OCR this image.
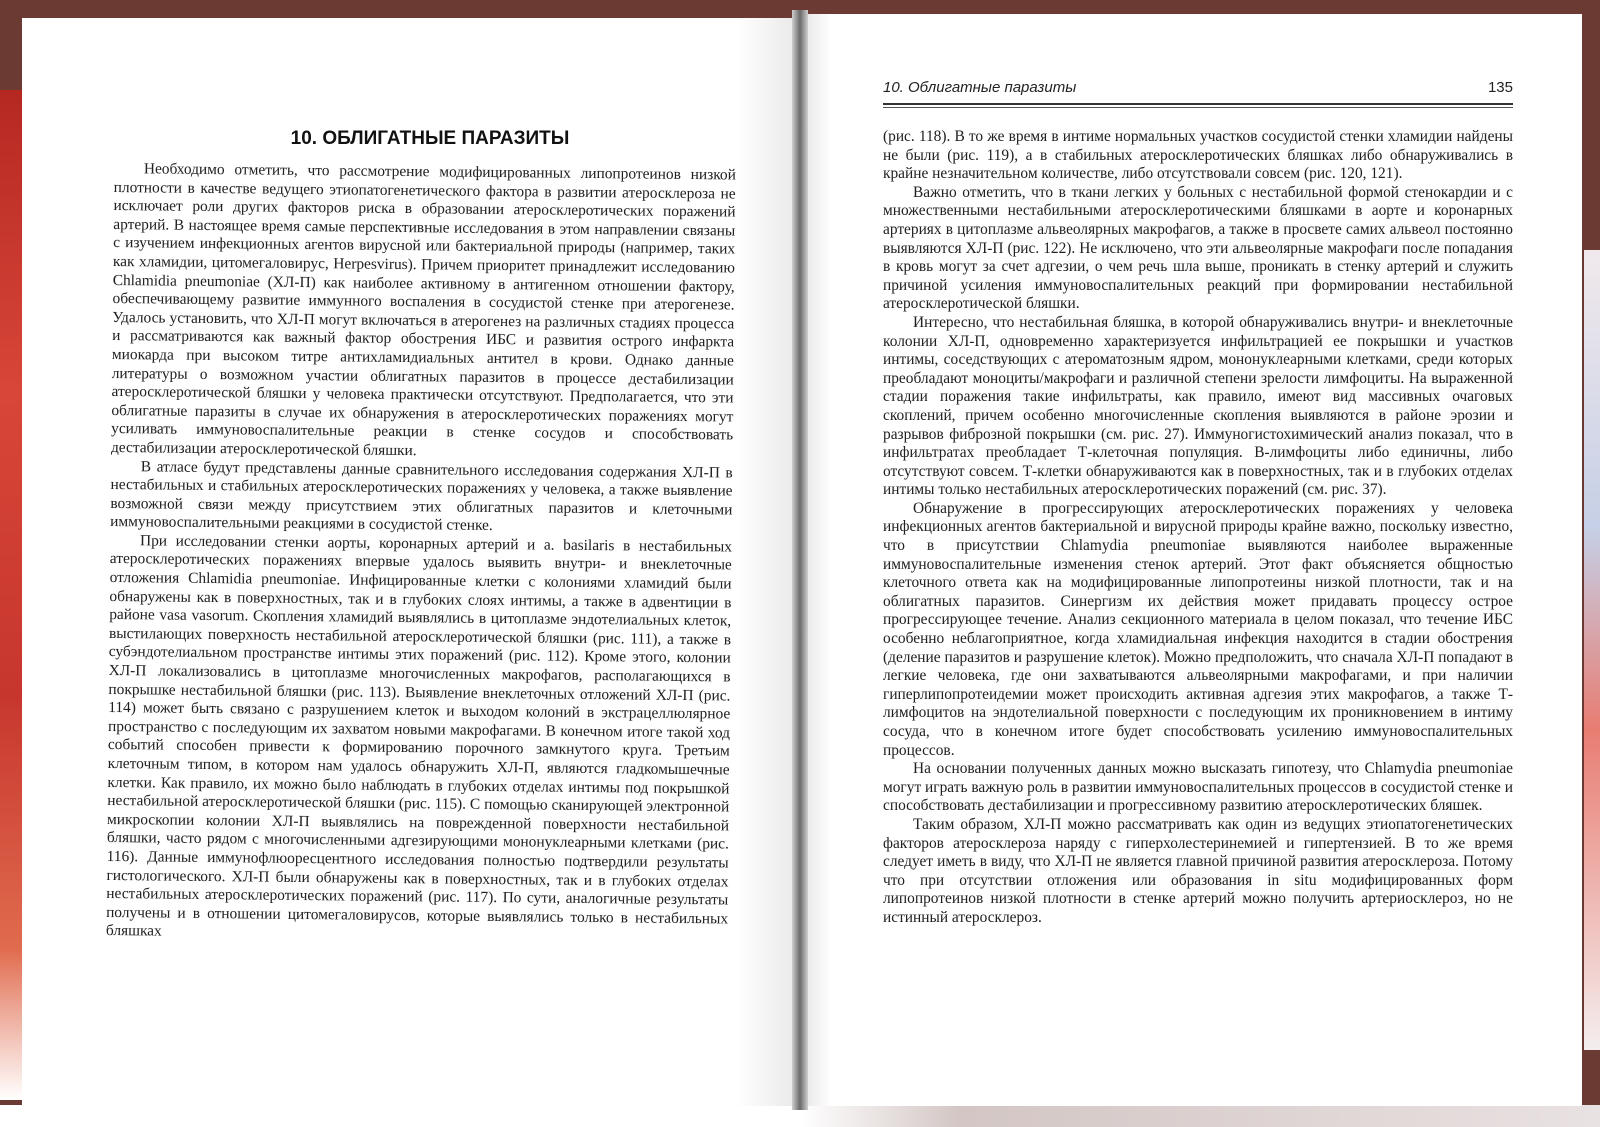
10. Облигатные паразиты	135
10. ОБЛИГАТНЫЕ ПАРАЗИТЫ

Необходимо отметить, что рассмотрение модифицированных липопротеинов низкой плотности в качестве ведущего этиопатогенетического фактора в развитии атеросклероза не исключает роли других факторов риска в образовании атеросклеротических поражений артерий. В настоящее время самые перспективные исследования в этом направлении связаны с изучением инфекционных агентов вирусной или бактериальной природы (например, таких как хламидии, цитомегаловирус, Herpesvirus). Причем приоритет принадлежит исследованию Chlamidia pneumoniae (ХЛ-П) как наиболее активному в антигенном отношении фактору, обеспечивающему развитие иммунного воспаления в сосудистой стенке при атерогенезе. Удалось установить, что ХЛ-П могут включаться в атерогенез на различных стадиях процесса и рассматриваются как важный фактор обострения ИБС и развития острого инфаркта миокарда при высоком титре антихламидиальных антител в крови. Однако данные литературы о возможном участии облигатных паразитов в процессе дестабилизации атеросклеротической бляшки у человека практически отсутствуют. Предполагается, что эти облигатные паразиты в случае их обнаружения в атеросклеротических поражениях могут усиливать иммуновоспалительные реакции в стенке сосудов и способствовать дестабилизации атеросклеротической бляшки.

В атласе будут представлены данные сравнительного исследования содержания ХЛ-П в нестабильных и стабильных атеросклеротических поражениях у человека, а также выявление возможной связи между присутствием этих облигатных паразитов и клеточными иммуновоспалительными реакциями в сосудистой стенке.

При исследовании стенки аорты, коронарных артерий и a. basilaris в нестабильных атеросклеротических поражениях впервые удалось выявить внутри- и внеклеточные отложения Chlamidia pneumoniae. Инфицированные клетки с колониями хламидий были обнаружены как в поверхностных, так и в глубоких слоях интимы, а также в адвентиции в районе vasa vasorum. Скопления хламидий выявлялись в цитоплазме эндотелиальных клеток, выстилающих поверхность нестабильной атеросклеротической бляшки (рис. 111), а также в субэндотелиальном пространстве интимы этих поражений (рис. 112). Кроме этого, колонии ХЛ-П локализовались в цитоплазме многочисленных макрофагов, располагающихся в покрышке нестабильной бляшки (рис. 113). Выявление внеклеточных отложений ХЛ-П (рис. 114) может быть связано с разрушением клеток и выходом колоний в экстрацеллюлярное пространство с последующим их захватом новыми макрофагами. В конечном итоге такой ход событий способен привести к формированию порочного замкнутого круга. Третьим клеточным типом, в котором нам удалось обнаружить ХЛ-П, являются гладкомышечные клетки. Как правило, их можно было наблюдать в глубоких отделах интимы под покрышкой нестабильной атеросклеротической бляшки (рис. 115). С помощью сканирующей электронной микроскопии колонии ХЛ-П выявлялись на поврежденной поверхности нестабильной бляшки, часто рядом с многочисленными адгезирующими мононуклеарными клетками (рис. 116). Данные иммунофлюоресцентного исследования полностью подтвердили результаты гистологического. ХЛ-П были обнаружены как в поверхностных, так и в глубоких отделах нестабильных атеросклеротических поражений (рис. 117). По сути, аналогичные результаты получены и в отношении цитомегаловирусов, которые выявлялись только в нестабильных бляшках

(рис. 118). В то же время в интиме нормальных участков сосудистой стенки хламидии найдены не были (рис. 119), а в стабильных атеросклеротических бляшках либо обнаруживались в крайне незначительном количестве, либо отсутствовали совсем (рис. 120, 121).

Важно отметить, что в ткани легких у больных с нестабильной формой стенокардии и с множественными нестабильными атеросклеротическими бляшками в аорте и коронарных артериях в цитоплазме альвеолярных макрофагов, а также в просвете самих альвеол постоянно выявляются ХЛ-П (рис. 122). Не исключено, что эти альвеолярные макрофаги после попадания в кровь могут за счет адгезии, о чем речь шла выше, проникать в стенку артерий и служить причиной усиления иммуновоспалительных реакций при формировании нестабильной атеросклеротической бляшки.

Интересно, что нестабильная бляшка, в которой обнаруживались внутри- и внеклеточные колонии ХЛ-П, одновременно характеризуется инфильтрацией ее покрышки и участков интимы, соседствующих с атероматозным ядром, мононуклеарными клетками, среди которых преобладают моноциты/макрофаги и различной степени зрелости лимфоциты. На выраженной стадии поражения такие инфильтраты, как правило, имеют вид массивных очаговых скоплений, причем особенно многочисленные скопления выявляются в районе эрозии и разрывов фиброзной покрышки (см. рис. 27). Иммуногистохимический анализ показал, что в инфильтратах преобладает Т-клеточная популяция. В-лимфоциты либо единичны, либо отсутствуют совсем. Т-клетки обнаруживаются как в поверхностных, так и в глубоких отделах интимы только нестабильных атеросклеротических поражений (см. рис. 37).

Обнаружение в прогрессирующих атеросклеротических поражениях у человека инфекционных агентов бактериальной и вирусной природы крайне важно, поскольку известно, что в присутствии Chlamydia pneumoniae выявляются наиболее выраженные иммуновоспалительные изменения стенок артерий. Этот факт объясняется общностью клеточного ответа как на модифицированные липопротеины низкой плотности, так и на облигатных паразитов. Синергизм их действия может придавать процессу острое прогрессирующее течение. Анализ секционного материала в целом показал, что течение ИБС особенно неблагоприятное, когда хламидиальная инфекция находится в стадии обострения (деление паразитов и разрушение клеток). Можно предположить, что сначала ХЛ-П попадают в легкие человека, где они захватываются альвеолярными макрофагами, и при наличии гиперлипопротеидемии может происходить активная адгезия этих макрофагов, а также Т-лимфоцитов на эндотелиальной поверхности с последующим их проникновением в интиму сосуда, что в конечном итоге будет способствовать усилению иммуновоспалительных процессов.

На основании полученных данных можно высказать гипотезу, что Chlamydia pneumoniae могут играть важную роль в развитии иммуновоспалительных процессов в сосудистой стенке и способствовать дестабилизации и прогрессивному развитию атеросклеротических бляшек.

Таким образом, ХЛ-П можно рассматривать как один из ведущих этиопатогенетических факторов атеросклероза наряду с гиперхолестеринемией и гипертензией. В то же время следует иметь в виду, что ХЛ-П не является главной причиной развития атеросклероза. Потому что при отсутствии отложения или образования in situ модифицированных форм липопротеинов низкой плотности в стенке артерий можно получить артериосклероз, но не истинный атеросклероз.
